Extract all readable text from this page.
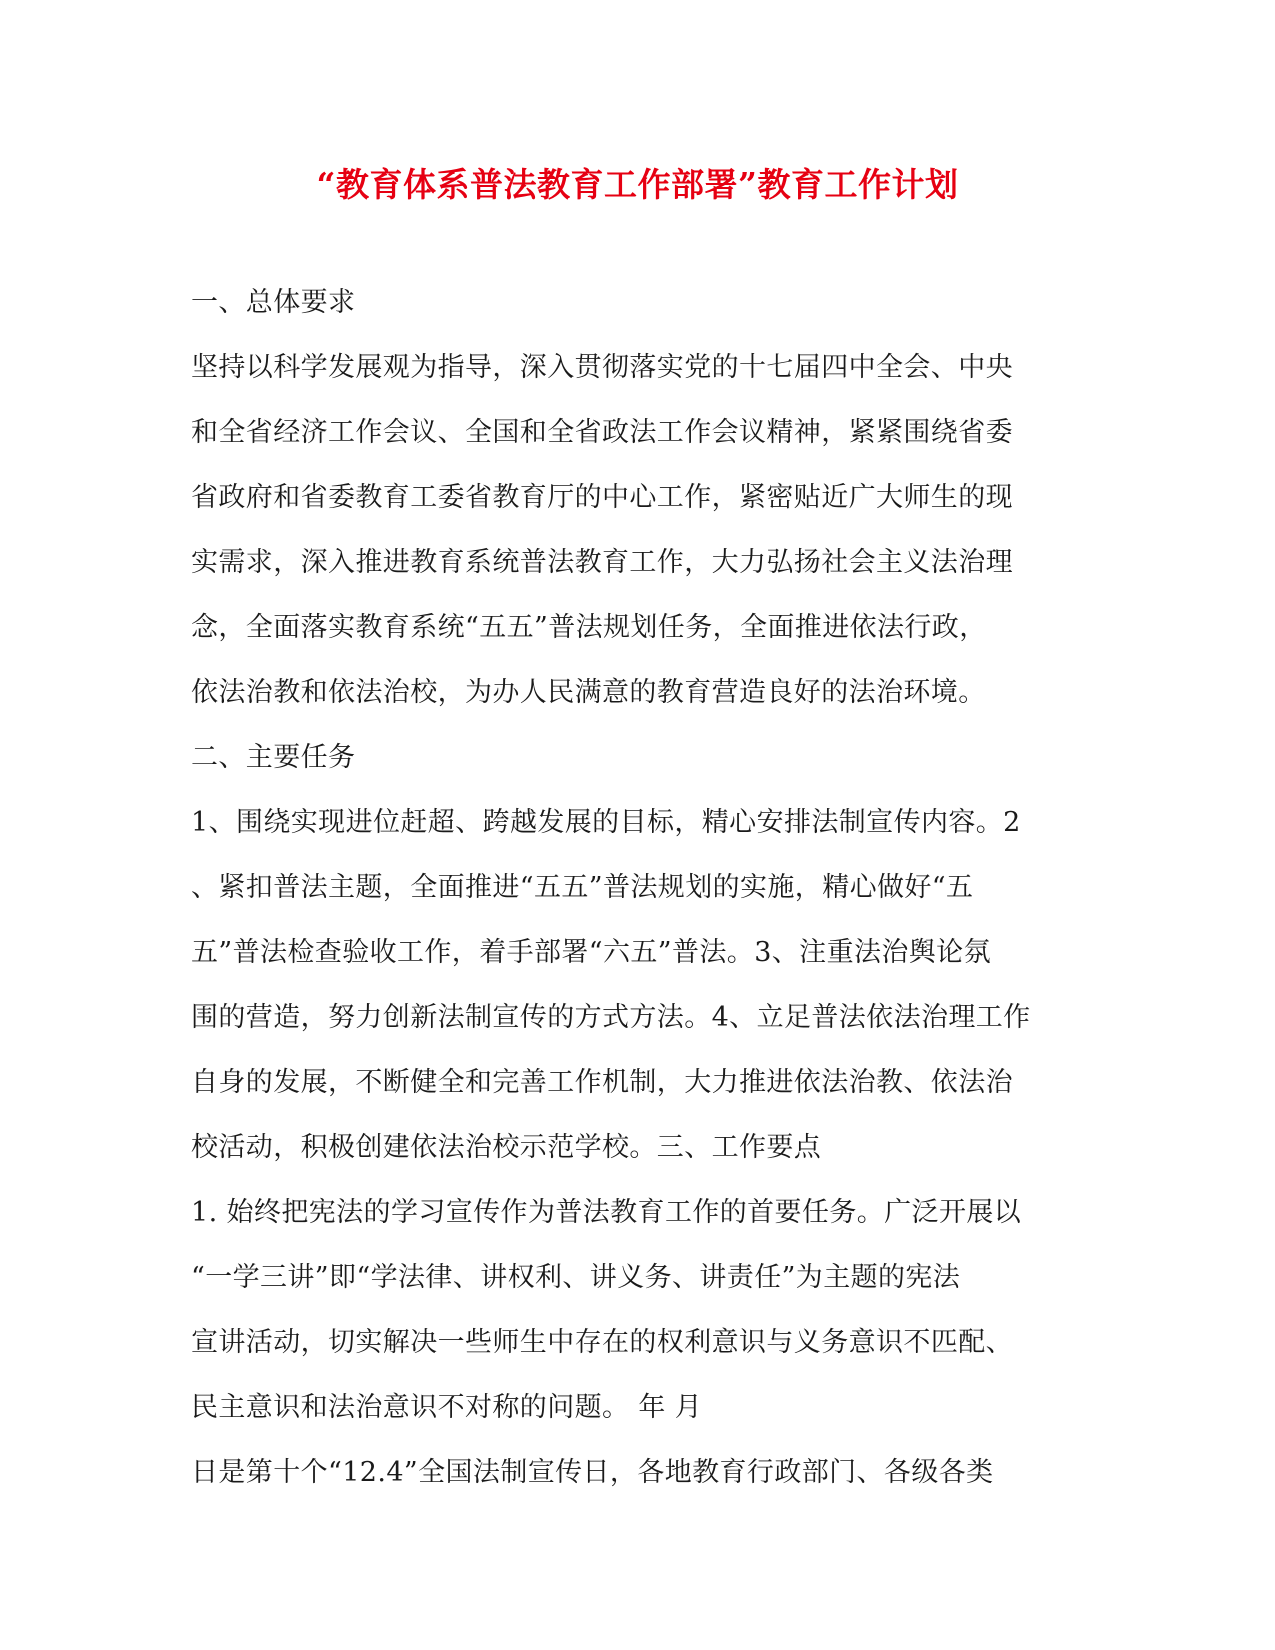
“教育体系普法教育工作部署”教育工作计划
一、总体要求
坚持以科学发展观为指导，深入贯彻落实党的十七届四中全会、中央
和全省经济工作会议、全国和全省政法工作会议精神，紧紧围绕省委
省政府和省委教育工委省教育厅的中心工作，紧密贴近广大师生的现
实需求，深入推进教育系统普法教育工作，大力弘扬社会主义法治理
念，全面落实教育系统“五五”普法规划任务，全面推进依法行政，
依法治教和依法治校，为办人民满意的教育营造良好的法治环境。
二、主要任务
1、围绕实现进位赶超、跨越发展的目标，精心安排法制宣传内容。2
、紧扣普法主题，全面推进“五五”普法规划的实施，精心做好“五
五”普法检查验收工作，着手部署“六五”普法。3、注重法治舆论氛
围的营造，努力创新法制宣传的方式方法。4、立足普法依法治理工作
自身的发展，不断健全和完善工作机制，大力推进依法治教、依法治
校活动，积极创建依法治校示范学校。三、工作要点
1. 始终把宪法的学习宣传作为普法教育工作的首要任务。广泛开展以
“一学三讲”即“学法律、讲权利、讲义务、讲责任”为主题的宪法
宣讲活动，切实解决一些师生中存在的权利意识与义务意识不匹配、
民主意识和法治意识不对称的问题。 年 月
日是第十个“12.4”全国法制宣传日，各地教育行政部门、各级各类
